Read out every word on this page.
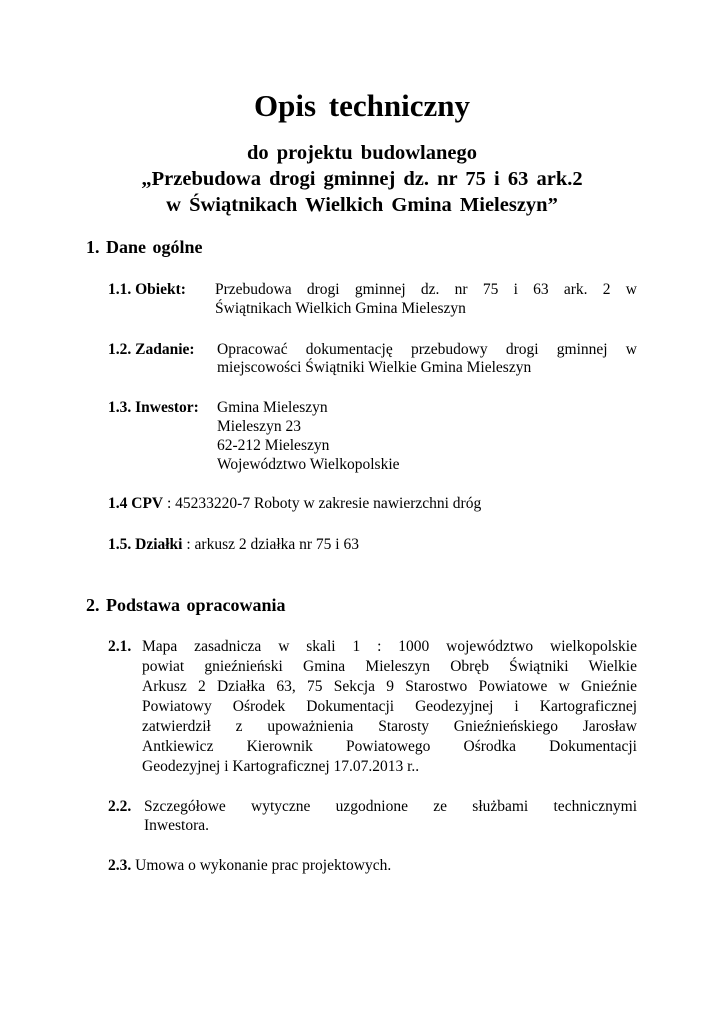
Opis techniczny
do projektu budowlanego
„Przebudowa drogi gminnej dz. nr 75 i 63 ark.2
w Świątnikach Wielkich Gmina Mieleszyn”
1. Dane ogólne
1.1. Obiekt: Przebudowa drogi gminnej dz. nr 75 i 63 ark. 2 w
Świątnikach Wielkich Gmina Mieleszyn
1.2. Zadanie: Opracować dokumentację przebudowy drogi gminnej w
miejscowości Świątniki Wielkie Gmina Mieleszyn
1.3. Inwestor: Gmina Mieleszyn
Mieleszyn 23
62-212 Mieleszyn
Województwo Wielkopolskie
1.4 CPV : 45233220-7 Roboty w zakresie nawierzchni dróg
1.5. Działki : arkusz 2 działka nr 75 i 63
2. Podstawa opracowania
2.1. Mapa zasadnicza w skali 1 : 1000 województwo wielkopolskie
powiat gnieźnieński Gmina Mieleszyn Obręb Świątniki Wielkie
Arkusz 2 Działka 63, 75 Sekcja 9 Starostwo Powiatowe w Gnieźnie
Powiatowy Ośrodek Dokumentacji Geodezyjnej i Kartograficznej
zatwierdził z upoważnienia Starosty Gnieźnieńskiego Jarosław
Antkiewicz Kierownik Powiatowego Ośrodka Dokumentacji
Geodezyjnej i Kartograficznej 17.07.2013 r..
2.2. Szczegółowe wytyczne uzgodnione ze służbami technicznymi
Inwestora.
2.3. Umowa o wykonanie prac projektowych.
